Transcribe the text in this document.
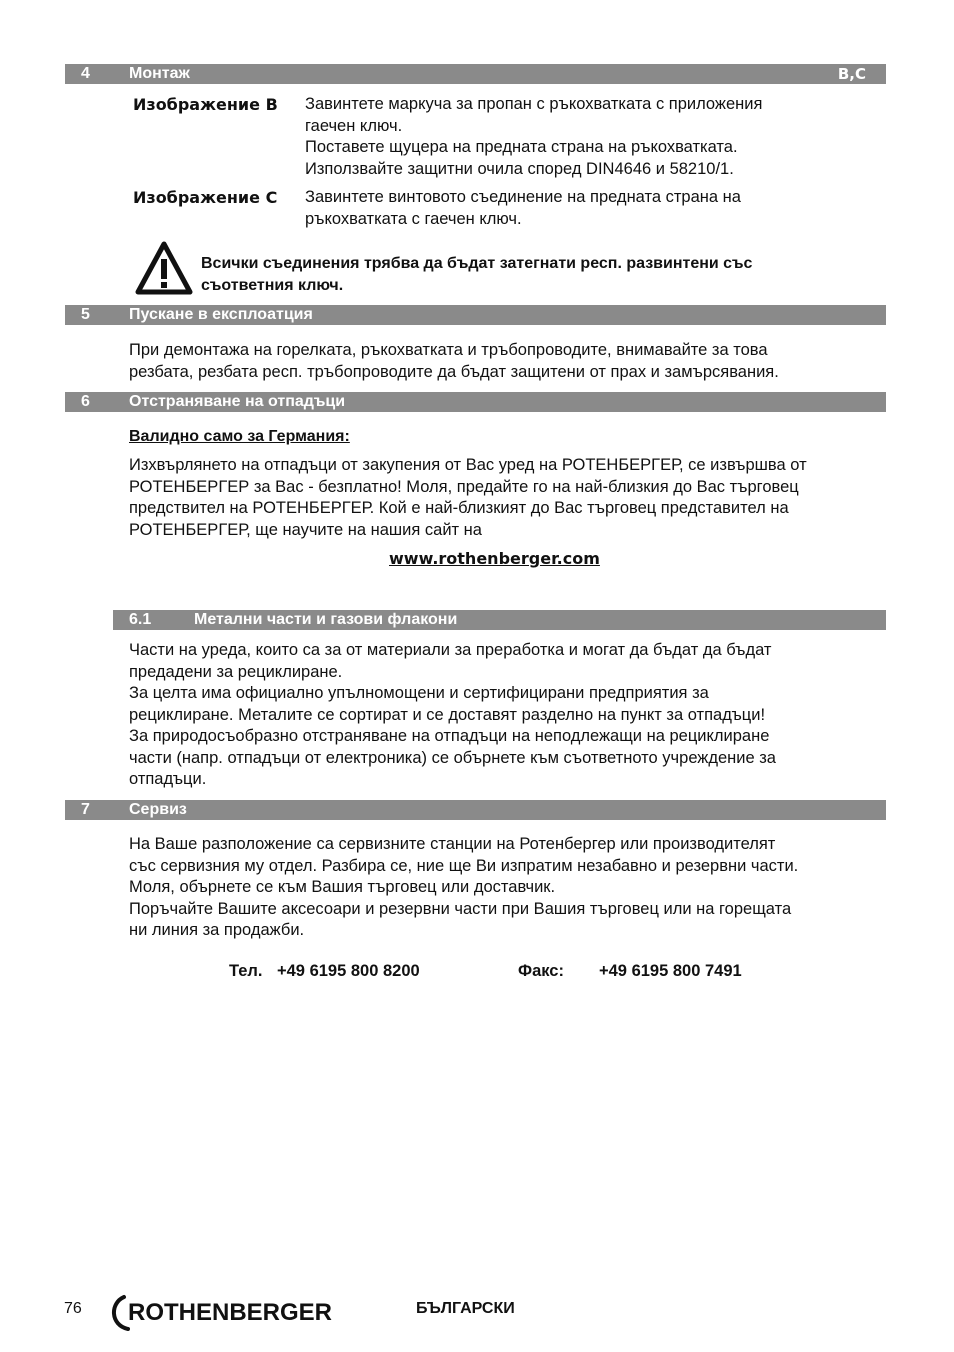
4 Монтаж	B,C
Изображение B Завинтете маркуча за пропан с ръкохватката с приложения
гаечен ключ.
Поставете щуцера на предната страна на ръкохватката.
Използвайте защитни очила според DIN4646 и 58210/1.
Изображение C Завинтете винтовото съединение на предната страна на
ръкохватката с гаечен ключ.
Всички съединения трябва да бъдат затегнати респ. развинтени със
съответния ключ.
5 Пускане в експлоатция
При демонтажа на горелката, ръкохватката и тръбопроводите, внимавайте за това
резбата, резбата респ. тръбопроводите да бъдат защитени от прах и замърсявания.
6 Отстраняване на отпадъци
Валидно само за Германия:
Изхвърлянето на отпадъци от закупения от Вас уред на РОТЕНБЕРГЕР, се извършва от
РОТЕНБЕРГЕР за Вас - безплатно! Моля, предайте го на най-близкия до Вас търговец
предствител на РОТЕНБЕРГЕР. Кой е най-близкият до Вас търговец представител на
РОТЕНБЕРГЕР, ще научите на нашия сайт на
www.rothenberger.com
6.1	Метални части и газови флакони
Части на уреда, които са за от материали за преработка и могат да бъдат да бъдат
предадени за рециклиране.
За целта има официално упълномощени и сертифицирани предприятия за
рециклиране. Металите се сортират и се доставят разделно на пункт за отпадъци!
За природосъобразно отстраняване на отпадъци на неподлежащи на рециклиране
части (напр. отпадъци от електроника) се обърнете към съответното учреждение за
отпадъци.
7 Сервиз
На Ваше разположение са сервизните станции на Ротенбергер или производителят
със сервизния му отдел. Разбира се, ние ще Ви изпратим незабавно и резервни части.
Моля, обърнете се към Вашия търговец или доставчик.
Поръчайте Вашите аксесоари и резервни части при Вашия търговец или на горещата
ни линия за продажби.
Тел. +49 6195 800 8200	Факс: +49 6195 800 7491
76 ROTHENBERGER	БЪЛГАРСКИ
